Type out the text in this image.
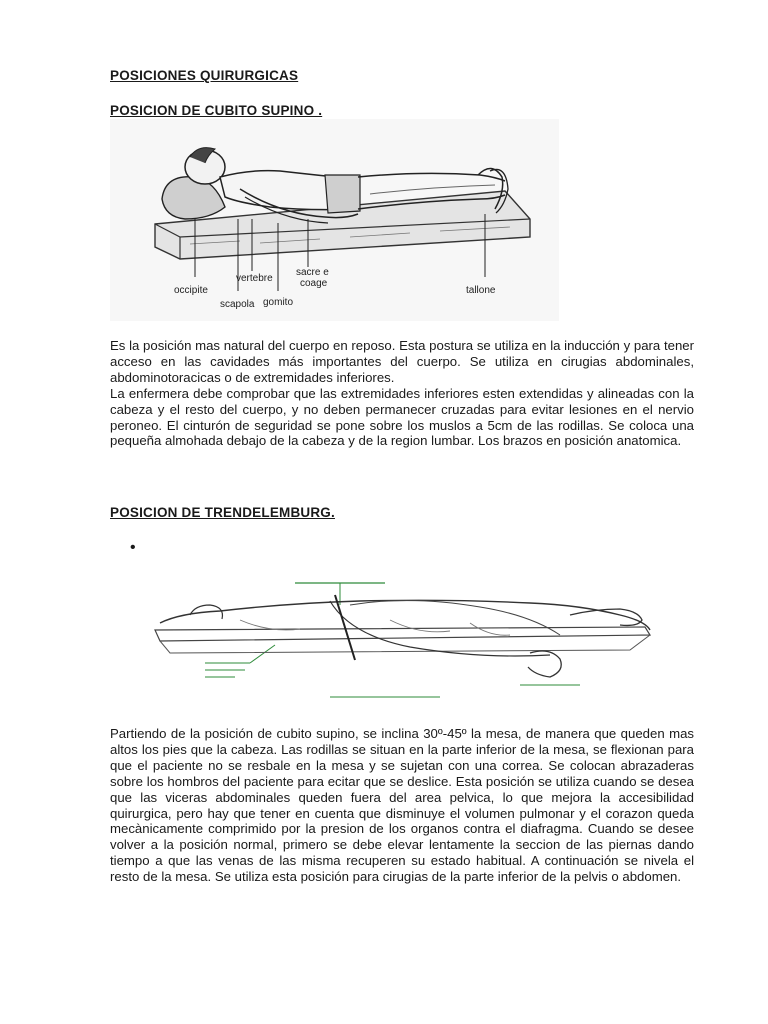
POSICIONES QUIRURGICAS
POSICION DE CUBITO SUPINO .
occipite
scapola
vertebre
gomito
sacre e
coage
tallone
Es la posición mas natural del cuerpo en reposo. Esta postura se utiliza en la inducción y para tener acceso en las cavidades más importantes del cuerpo. Se utiliza en cirugias abdominales, abdominotoracicas o de extremidades inferiores.
La enfermera debe comprobar que las extremidades inferiores esten extendidas y alineadas con la cabeza y el resto del cuerpo, y no deben permanecer cruzadas para evitar lesiones en el nervio peroneo. El cinturón de seguridad se pone sobre los muslos a 5cm de las rodillas. Se coloca una pequeña almohada debajo de la cabeza y de la region lumbar. Los brazos en posición anatomica.
POSICION DE TRENDELEMBURG.
•
Partiendo de la posición de cubito supino, se inclina 30º-45º la mesa, de manera que queden mas altos los pies que la cabeza. Las rodillas se situan en la parte inferior de la mesa, se flexionan para que el paciente no se resbale en la mesa y se sujetan con una correa. Se colocan abrazaderas sobre los hombros del paciente para ecitar que se deslice. Esta posición se utiliza cuando se desea que las viceras abdominales queden fuera del area pelvica, lo que mejora la accesibilidad quirurgica, pero hay que tener en cuenta que disminuye el volumen pulmonar y el corazon queda mecànicamente comprimido por la presion de los organos contra el diafragma. Cuando se desee volver a la posición normal, primero se debe elevar lentamente la seccion de las piernas dando tiempo a que las venas de las misma recuperen su estado habitual. A continuación se nivela el resto de la mesa. Se utiliza esta posición para cirugias de la parte inferior de la pelvis o abdomen.
